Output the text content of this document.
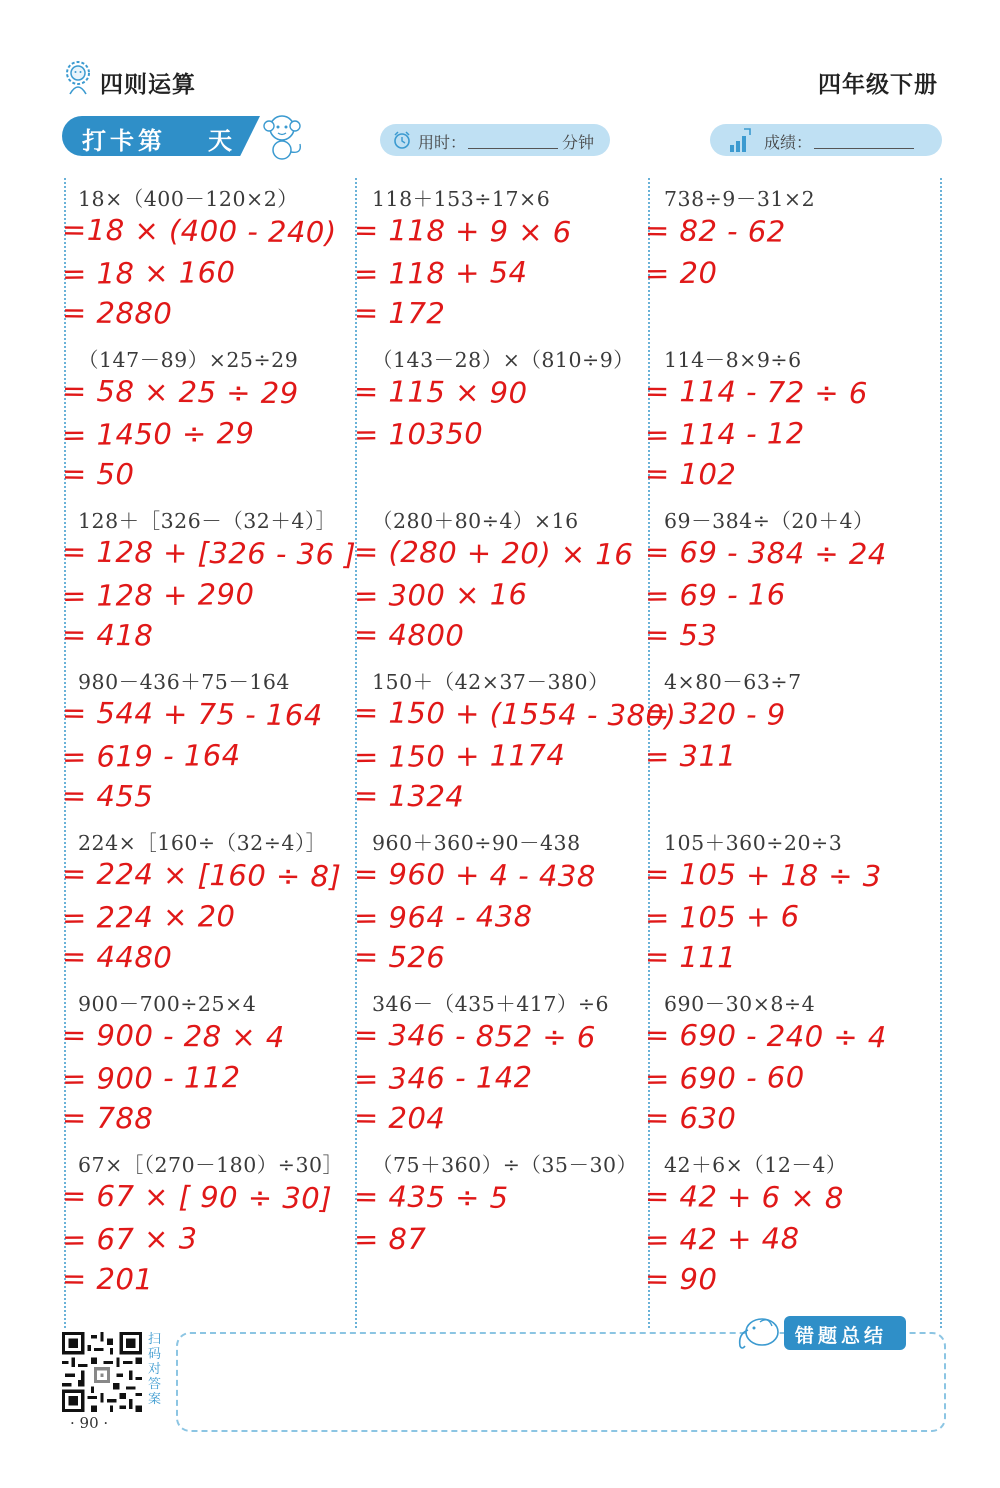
四则运算	四年级下册
打卡第 天	用时：	分钟	成绩：
18×（400－120×2）
=18 × (400 - 240)
= 18 × 160
= 2880
（147－89）×25÷29
= 58 × 25 ÷ 29
= 1450 ÷ 29
= 50
128＋［326－（32＋4）］
= 128 + [326 - 36 ]
= 128 + 290
= 418
980－436＋75－164
= 544 + 75 - 164
= 619 - 164
= 455
224×［160÷（32÷4）］
= 224 × [160 ÷ 8]
= 224 × 20
= 4480
900－700÷25×4
= 900 - 28 × 4
= 900 - 112
= 788
67×［（270－180）÷30］
= 67 × [ 90 ÷ 30]
= 67 × 3
= 201
118＋153÷17×6
= 118 + 9 × 6
= 118 + 54
= 172
（143－28）×（810÷9）
= 115 × 90
= 10350
（280＋80÷4）×16
= (280 + 20) × 16
= 300 × 16
= 4800
150＋（42×37－380）
= 150 + (1554 - 380)
= 150 + 1174
= 1324
960＋360÷90－438
= 960 + 4 - 438
= 964 - 438
= 526
346－（435＋417）÷6
= 346 - 852 ÷ 6
= 346 - 142
= 204
（75＋360）÷（35－30）
= 435 ÷ 5
= 87
738÷9－31×2
= 82 - 62
= 20
114－8×9÷6
= 114 - 72 ÷ 6
= 114 - 12
= 102
69－384÷（20＋4）
= 69 - 384 ÷ 24
= 69 - 16
= 53
4×80－63÷7
= 320 - 9
= 311
105＋360÷20÷3
= 105 + 18 ÷ 3
= 105 + 6
= 111
690－30×8÷4
= 690 - 240 ÷ 4
= 690 - 60
= 630
42＋6×（12－4）
= 42 + 6 × 8
= 42 + 48
= 90
错题总结
扫码对答案
· 90 ·
